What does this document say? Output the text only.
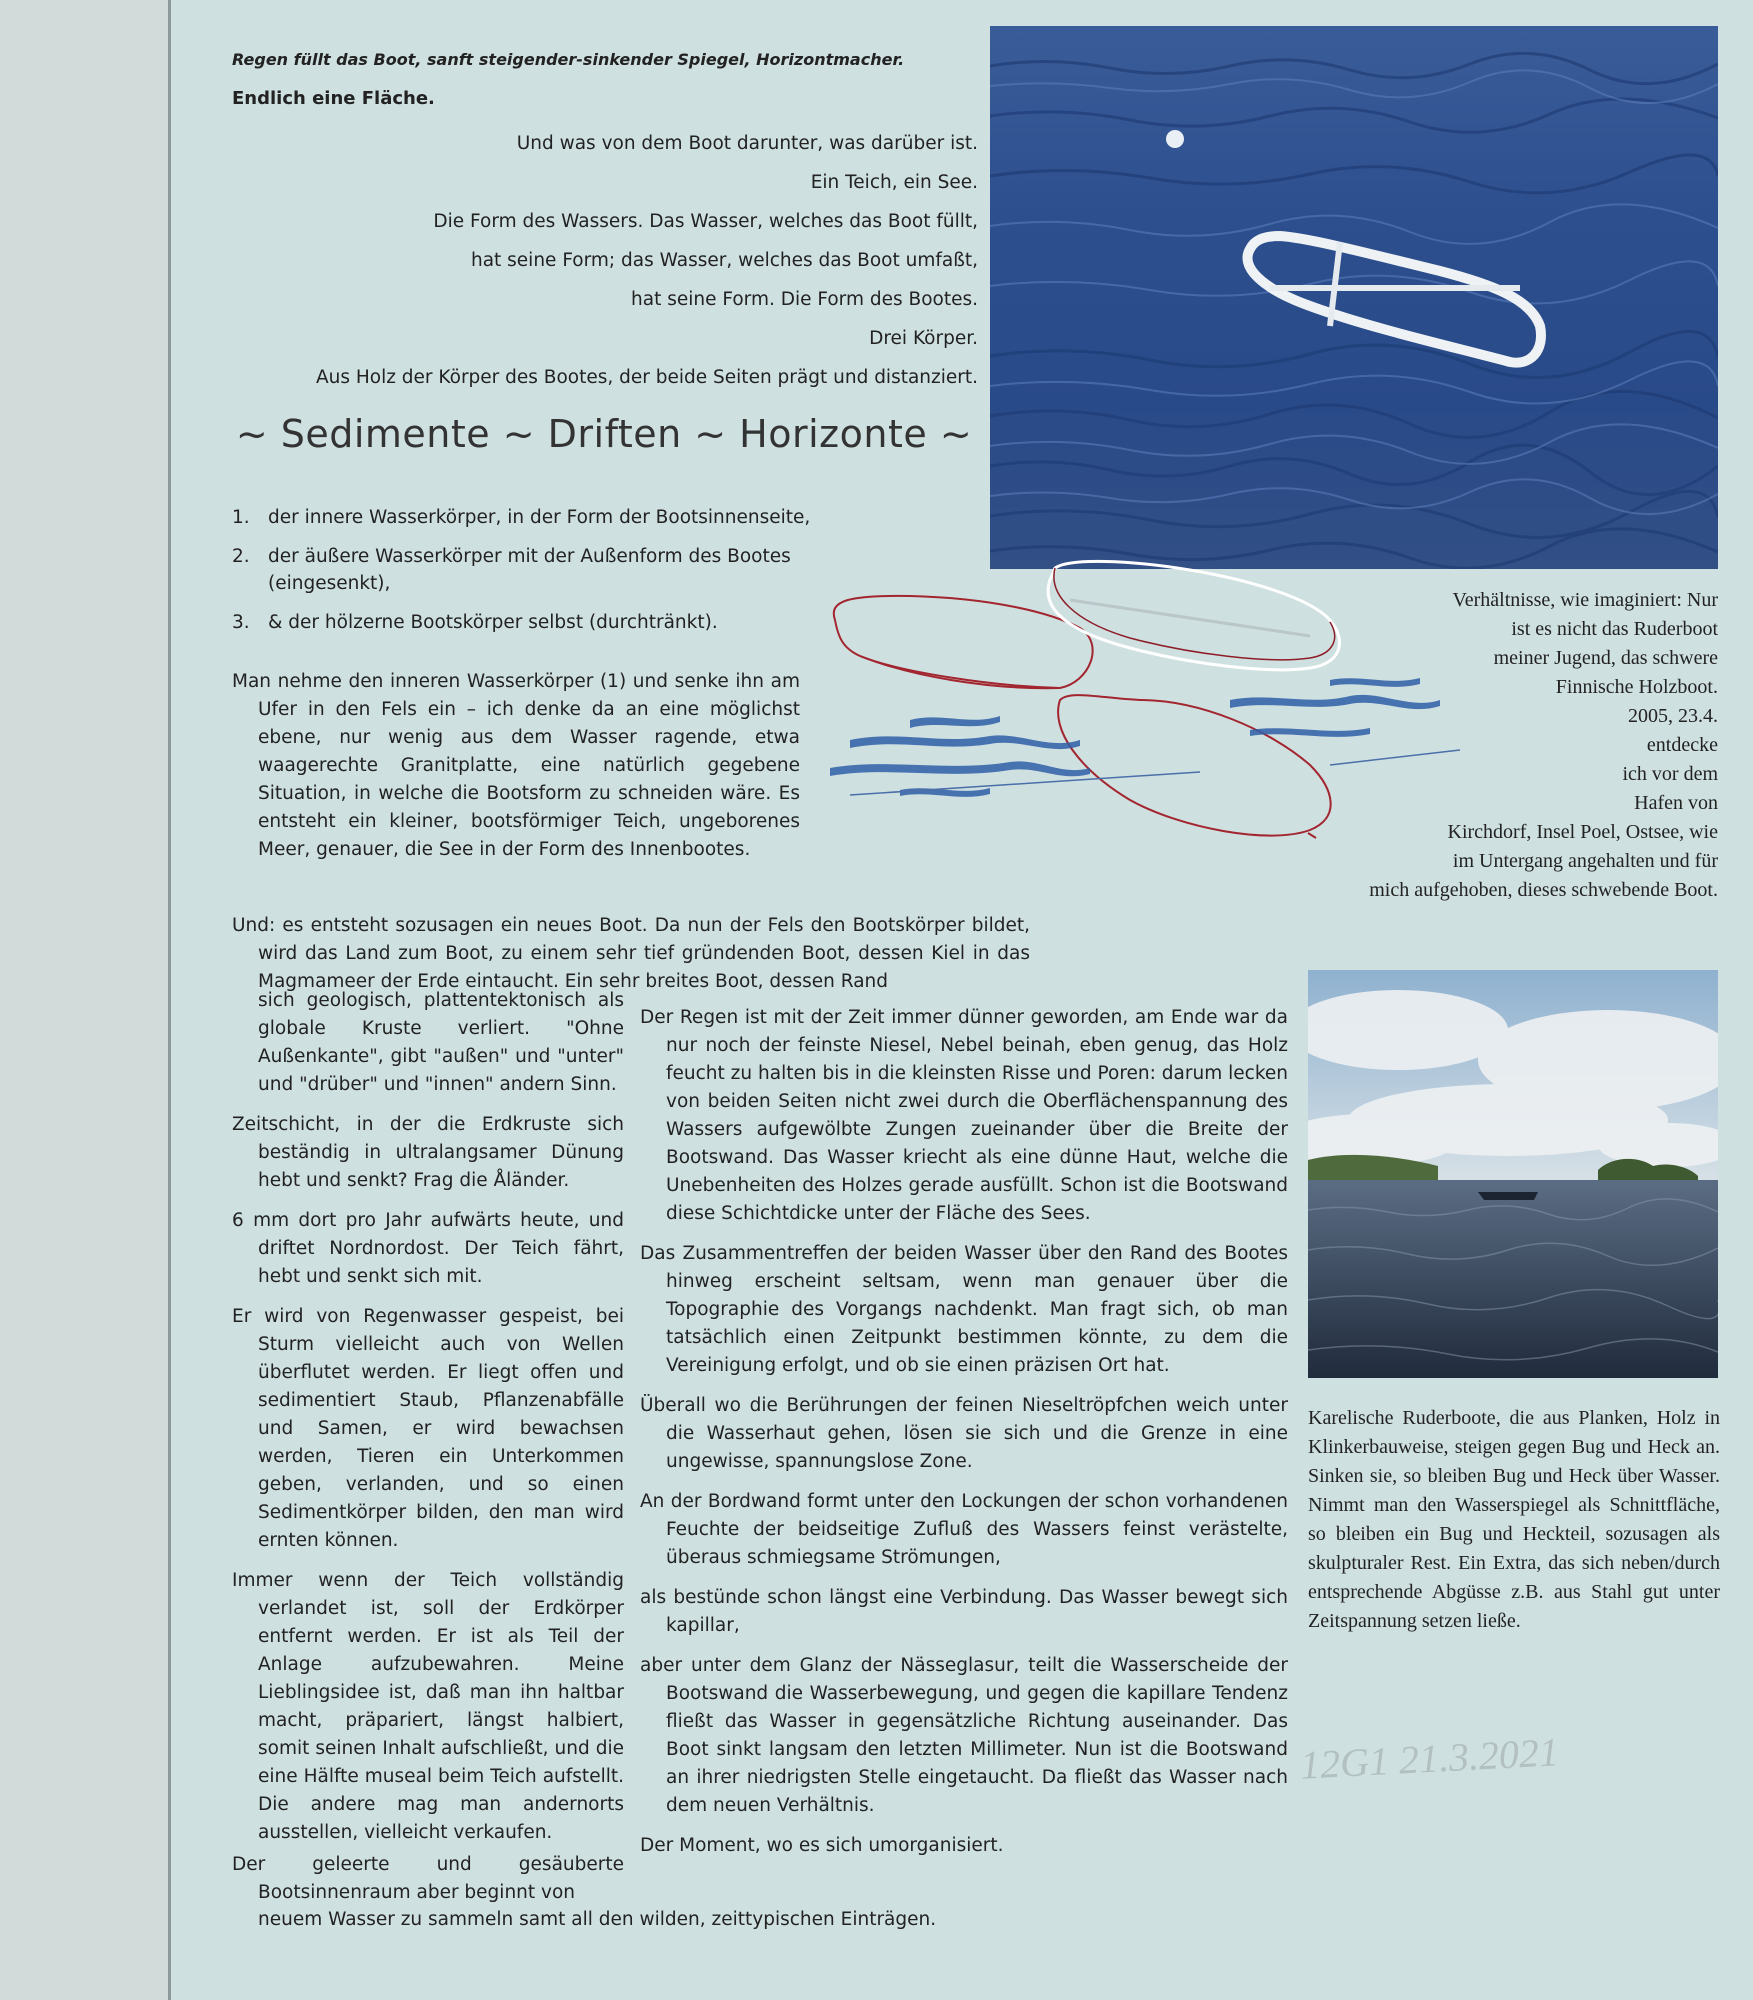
Regen füllt das Boot, sanft steigender-sinkender Spiegel, Horizontmacher.

Endlich eine Fläche.

Und was von dem Boot darunter, was darüber ist.
Ein Teich, ein See.
Die Form des Wassers. Das Wasser, welches das Boot füllt,
hat seine Form; das Wasser, welches das Boot umfaßt,
hat seine Form. Die Form des Bootes.
Drei Körper.
Aus Holz der Körper des Bootes, der beide Seiten prägt und distanziert.
~ Sedimente ~ Driften ~ Horizonte ~
1. der innere Wasserkörper, in der Form der Bootsinnenseite,
2. der äußere Wasserkörper mit der Außenform des Bootes (eingesenkt),
3. & der hölzerne Bootskörper selbst (durchtränkt).

Man nehme den inneren Wasserkörper (1) und senke ihn am Ufer in den Fels ein – ich denke da an eine möglichst ebene, nur wenig aus dem Wasser ragende, etwa waagerechte Granitplatte, eine natürlich gegebene Situation, in welche die Bootsform zu schneiden wäre. Es entsteht ein kleiner, bootsförmiger Teich, ungeborenes Meer, genauer, die See in der Form des Innenbootes.

Und: es entsteht sozusagen ein neues Boot. Da nun der Fels den Bootskörper bildet, wird das Land zum Boot, zu einem sehr tief gründenden Boot, dessen Kiel in das Magmameer der Erde eintaucht. Ein sehr breites Boot, dessen Rand

sich geologisch, plattentektonisch als globale Kruste verliert. "Ohne Außenkante", gibt "außen" und "unter" und "drüber" und "innen" andern Sinn.

Zeitschicht, in der die Erdkruste sich beständig in ultralangsamer Dünung hebt und senkt? Frag die Åländer.

6 mm dort pro Jahr aufwärts heute, und driftet Nordnordost. Der Teich fährt, hebt und senkt sich mit.

Er wird von Regenwasser gespeist, bei Sturm vielleicht auch von Wellen überflutet werden. Er liegt offen und sedimentiert Staub, Pflanzenabfälle und Samen, er wird bewachsen werden, Tieren ein Unterkommen geben, verlanden, und so einen Sedimentkörper bilden, den man wird ernten können.

Immer wenn der Teich vollständig verlandet ist, soll der Erdkörper entfernt werden. Er ist als Teil der Anlage aufzubewahren. Meine Lieblingsidee ist, daß man ihn haltbar macht, präpariert, längst halbiert, somit seinen Inhalt aufschließt, und die eine Hälfte museal beim Teich aufstellt. Die andere mag man andernorts ausstellen, vielleicht verkaufen.

Der geleerte und gesäuberte Bootsinnenraum aber beginnt von

neuem Wasser zu sammeln samt all den wilden, zeittypischen Einträgen.

Der Regen ist mit der Zeit immer dünner geworden, am Ende war da nur noch der feinste Niesel, Nebel beinah, eben genug, das Holz feucht zu halten bis in die kleinsten Risse und Poren: darum lecken von beiden Seiten nicht zwei durch die Oberflächenspannung des Wassers aufgewölbte Zungen zueinander über die Breite der Bootswand. Das Wasser kriecht als eine dünne Haut, welche die Unebenheiten des Holzes gerade ausfüllt. Schon ist die Bootswand diese Schichtdicke unter der Fläche des Sees.

Das Zusammentreffen der beiden Wasser über den Rand des Bootes hinweg erscheint seltsam, wenn man genauer über die Topographie des Vorgangs nachdenkt. Man fragt sich, ob man tatsächlich einen Zeitpunkt bestimmen könnte, zu dem die Vereinigung erfolgt, und ob sie einen präzisen Ort hat.

Überall wo die Berührungen der feinen Nieseltröpfchen weich unter die Wasserhaut gehen, lösen sie sich und die Grenze in eine ungewisse, spannungslose Zone.

An der Bordwand formt unter den Lockungen der schon vorhandenen Feuchte der beidseitige Zufluß des Wassers feinst verästelte, überaus schmiegsame Strömungen,

als bestünde schon längst eine Verbindung. Das Wasser bewegt sich kapillar,

aber unter dem Glanz der Nässeglasur, teilt die Wasserscheide der Bootswand die Wasserbewegung, und gegen die kapillare Tendenz fließt das Wasser in gegensätzliche Richtung auseinander. Das Boot sinkt langsam den letzten Millimeter. Nun ist die Bootswand an ihrer niedrigsten Stelle eingetaucht. Da fließt das Wasser nach dem neuen Verhältnis.

Der Moment, wo es sich umorganisiert.

Verhältnisse, wie imaginiert: Nur
ist es nicht das Ruderboot
meiner Jugend, das schwere
Finnische Holzboot.
2005, 23.4.
entdecke
ich vor dem
Hafen von
Kirchdorf, Insel Poel, Ostsee, wie
im Untergang angehalten und für
mich aufgehoben, dieses schwebende Boot.
Karelische Ruderboote, die aus Planken, Holz in Klinkerbauweise, steigen gegen Bug und Heck an. Sinken sie, so bleiben Bug und Heck über Wasser. Nimmt man den Wasserspiegel als Schnittfläche, so bleiben ein Bug und Heckteil, sozusagen als skulpturaler Rest. Ein Extra, das sich neben/durch entsprechende Abgüsse z.B. aus Stahl gut unter Zeitspannung setzen ließe.
12G1 21.3.2021
